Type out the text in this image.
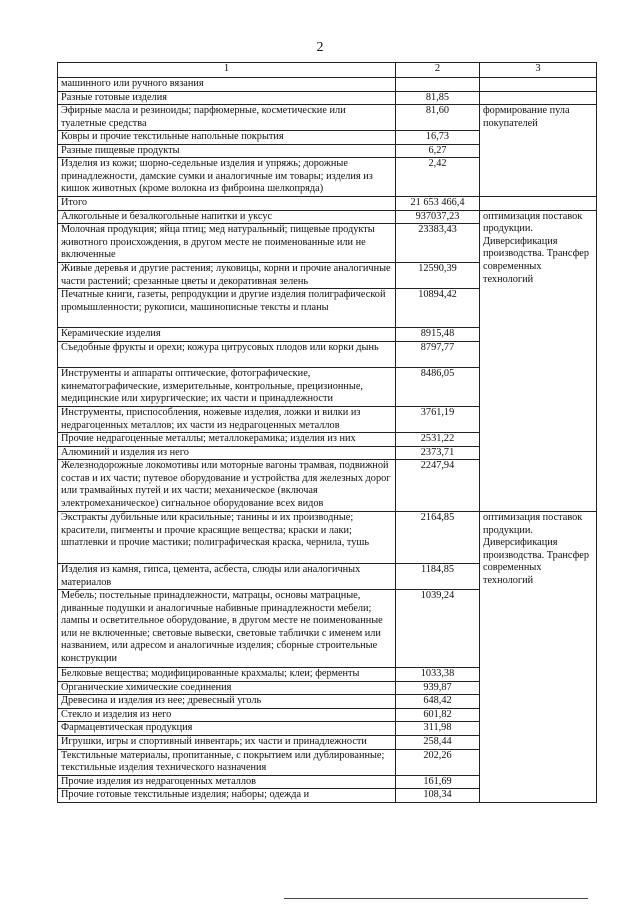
2
1	2	3
машинного или ручного вязания		
Разные готовые изделия	81,85	
Эфирные масла и резиноиды; парфюмерные, косметические или туалетные средства	81,60	формирование пула покупателей
Ковры и прочие текстильные напольные покрытия	16,73	
Разные пищевые продукты	6,27	
Изделия из кожи; шорно-седельные изделия и упряжь; дорожные принадлежности, дамские сумки и аналогичные им товары; изделия из кишок животных (кроме волокна из фиброина шелкопряда)	2,42	
Итого	21 653 466,4	
Алкогольные и безалкогольные напитки и уксус	937037,23	оптимизация поставок продукции. Диверсификация производства. Трансфер современных технологий
Молочная продукция; яйца птиц; мед натуральный; пищевые продукты животного происхождения, в другом месте не поименованные или не включенные	23383,43	
Живые деревья и другие растения; луковицы, корни и прочие аналогичные части растений; срезанные цветы и декоративная зелень	12590,39	
Печатные книги, газеты, репродукции и другие изделия полиграфической промышленности; рукописи, машинописные тексты и планы	10894,42	
Керамические изделия	8915,48	
Съедобные фрукты и орехи; кожура цитрусовых плодов или корки дынь	8797,77	
Инструменты и аппараты оптические, фотографические, кинематографические, измерительные, контрольные, прецизионные, медицинские или хирургические; их части и принадлежности	8486,05	
Инструменты, приспособления, ножевые изделия, ложки и вилки из недрагоценных металлов; их части из недрагоценных металлов	3761,19	
Прочие недрагоценные металлы; металлокерамика; изделия из них	2531,22	
Алюминий и изделия из него	2373,71	
Железнодорожные локомотивы или моторные вагоны трамвая, подвижной состав и их части; путевое оборудование и устройства для железных дорог или трамвайных путей и их части; механическое (включая электромеханическое) сигнальное оборудование всех видов	2247,94	
Экстракты дубильные или красильные; танины и их производные; красители, пигменты и прочие красящие вещества; краски и лаки; шпатлевки и прочие мастики; полиграфическая краска, чернила, тушь	2164,85	оптимизация поставок продукции. Диверсификация производства. Трансфер современных технологий
Изделия из камня, гипса, цемента, асбеста, слюды или аналогичных материалов	1184,85	
Мебель; постельные принадлежности, матрацы, основы матрацные, диванные подушки и аналогичные набивные принадлежности мебели; лампы и осветительное оборудование, в другом месте не поименованные или не включенные; световые вывески, световые таблички с именем или названием, или адресом и аналогичные изделия; сборные строительные конструкции	1039,24	
Белковые вещества; модифицированные крахмалы; клеи; ферменты	1033,38	
Органические химические соединения	939,87	
Древесина и изделия из нее; древесный уголь	648,42	
Стекло и изделия из него	601,82	
Фармацевтическая продукция	311,98	
Игрушки, игры и спортивный инвентарь; их части и принадлежности	258,44	
Текстильные материалы, пропитанные, с покрытием или дублированные; текстильные изделия технического назначения	202,26	
Прочие изделия из недрагоценных металлов	161,69	
Прочие готовые текстильные изделия; наборы; одежда и	108,34	
